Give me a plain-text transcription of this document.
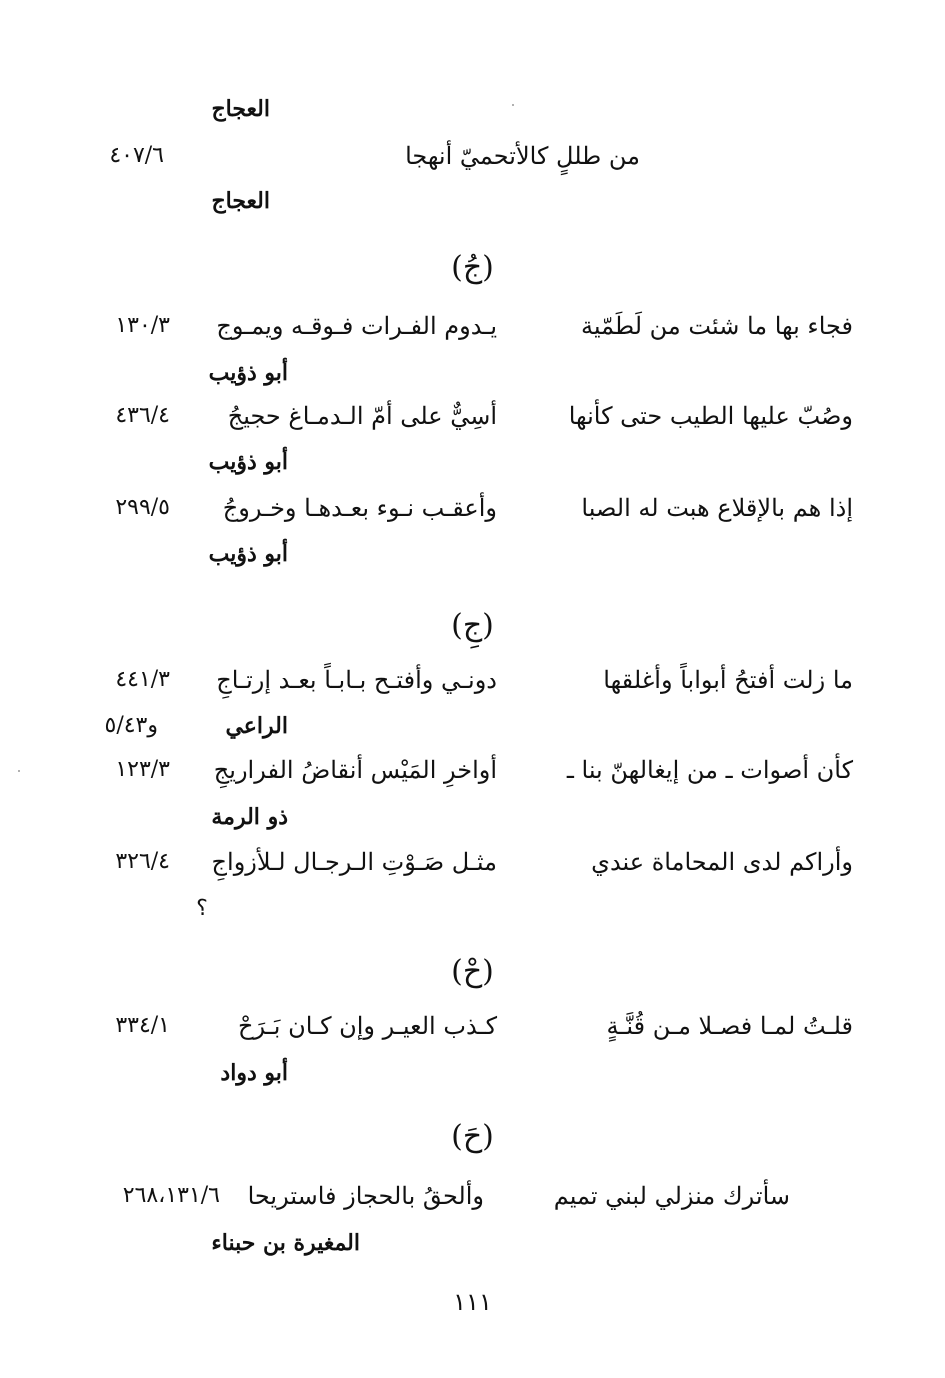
العجاج
من طللٍ كالأتحميّ أنهجا
٤٠٧/٦
العجاج
(جُ)
فجاء بها ما شئت من لَطَمّية
يـدوم الفـرات فـوقـه ويمـوج
١٣٠/٣
أبو ذؤيب
وصُبّ عليها الطيب حتى كأنها
أسِيٌّ على أمّ الـدمـاغ حجيجُ
٤٣٦/٤
أبو ذؤيب
إذا هم بالإقلاع هبت له الصبا
وأعقـب نـوء بعـدهـا وخـروجُ
٢٩٩/٥
أبو ذؤيب
(جِ)
ما زلت أفتحُ أبواباً وأغلقها
دونـي وأفتـح بـابـاً بعـد إرتـاجِ
٤٤١/٣
الراعي
و٥/٤٣
كأن أصوات ـ من إيغالهنّ بنا ـ
أواخرِ المَيْس أنقاضُ الفراريجِ
١٢٣/٣
ذو الرمة
وأراكم لدى المحاماة عندي
مثـل صَـوْتِ الـرجـال لـلأزواجِ
٣٢٦/٤
؟
(حْ)
قلـتُ لمـا فصـلا مـن قُنَّـةٍ
كـذب العيـر وإن كـان بَـرَحْ
٣٣٤/١
أبو دواد
(حَ)
سأترك منزلي لبني تميم
وألحقُ بالحجاز فاستريحا
٢٦٨،١٣١/٦
المغيرة بن حبناء
١١١
